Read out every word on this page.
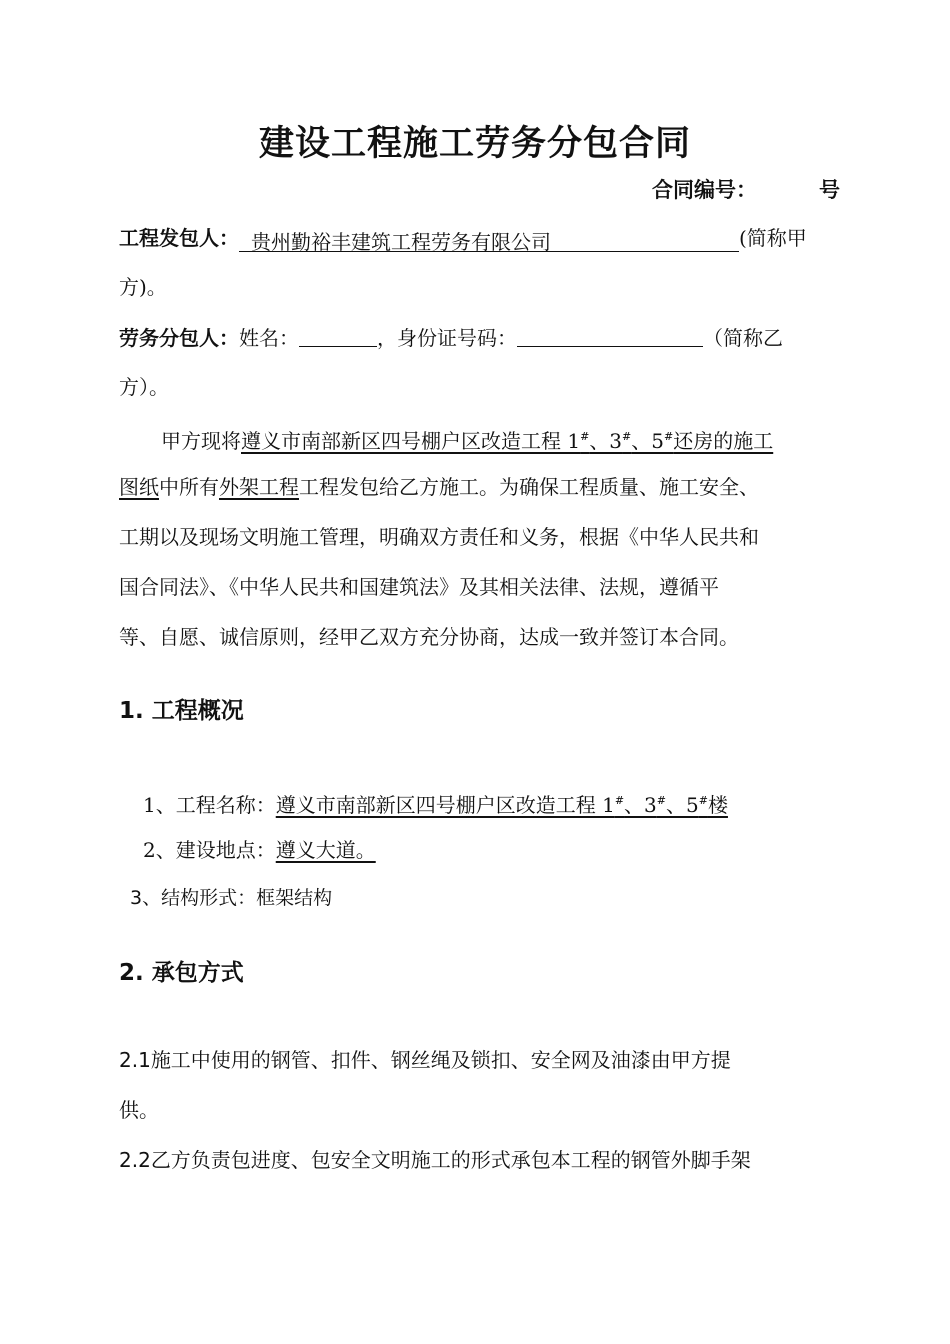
建设工程施工劳务分包合同
合同编号：	号
工程发包人： 贵州勤裕丰建筑工程劳务有限公司	(简称甲
方)。
劳务分包人：姓名：	，身份证号码：	（简称乙
方）。
甲方现将遵义市南部新区四号棚户区改造工程 1#、3#、5#还房的施工
图纸中所有外架工程工程发包给乙方施工。为确保工程质量、施工安全、
工期以及现场文明施工管理，明确双方责任和义务，根据《中华人民共和
国合同法》、《中华人民共和国建筑法》及其相关法律、法规，遵循平
等、自愿、诚信原则，经甲乙双方充分协商，达成一致并签订本合同。
1. 工程概况
1、工程名称：遵义市南部新区四号棚户区改造工程 1#、3#、5#楼
2、建设地点：遵义大道。
3、结构形式：框架结构
2. 承包方式
2.1施工中使用的钢管、扣件、钢丝绳及锁扣、安全网及油漆由甲方提
供。
2.2乙方负责包进度、包安全文明施工的形式承包本工程的钢管外脚手架
